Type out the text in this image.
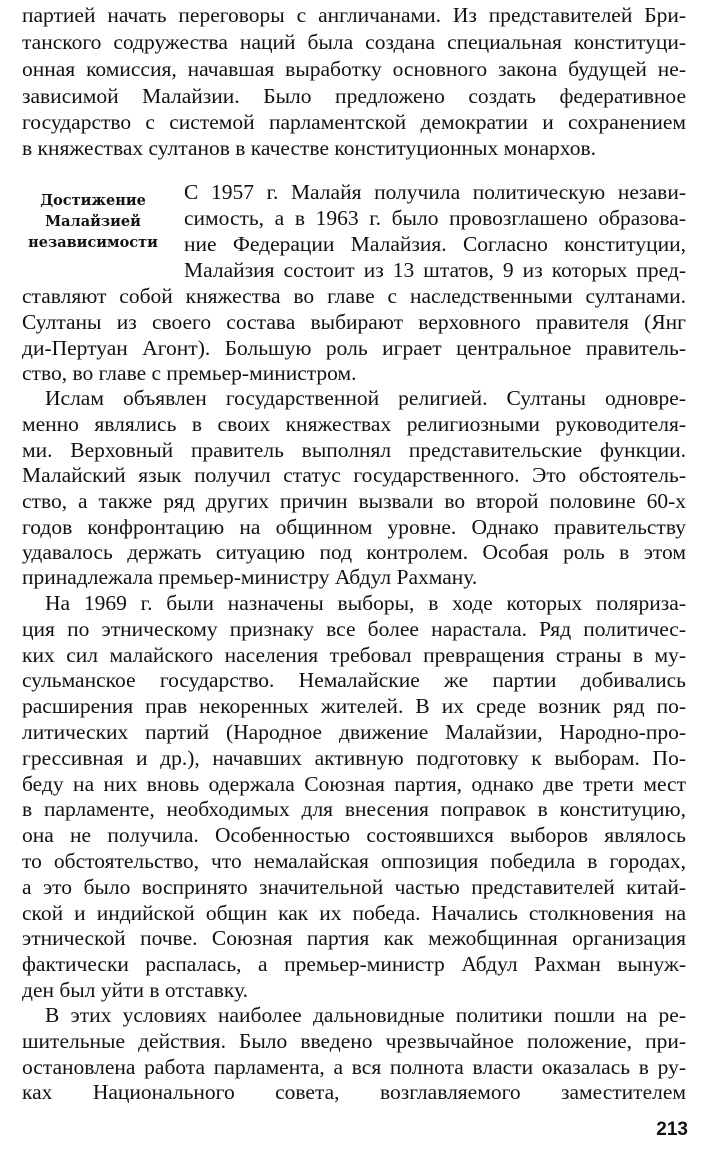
Достижение
Малайзией
независимости
партией начать переговоры с англичанами. Из представителей Бри-
танского содружества наций была создана специальная конституци-
онная комиссия, начавшая выработку основного закона будущей не-
зависимой Малайзии. Было предложено создать федеративное
государство с системой парламентской демократии и сохранением
в княжествах султанов в качестве конституционных монархов.
С 1957 г. Малайя получила политическую незави-
симость, а в 1963 г. было провозглашено образова-
ние Федерации Малайзия. Согласно конституции,
Малайзия состоит из 13 штатов, 9 из которых пред-
ставляют собой княжества во главе с наследственными султанами.
Султаны из своего состава выбирают верховного правителя (Янг
ди-Пертуан Агонт). Большую роль играет центральное правитель-
ство, во главе с премьер-министром.
Ислам объявлен государственной религией. Султаны одновре-
менно являлись в своих княжествах религиозными руководителя-
ми. Верховный правитель выполнял представительские функции.
Малайский язык получил статус государственного. Это обстоятель-
ство, а также ряд других причин вызвали во второй половине 60-х
годов конфронтацию на общинном уровне. Однако правительству
удавалось держать ситуацию под контролем. Особая роль в этом
принадлежала премьер-министру Абдул Рахману.
На 1969 г. были назначены выборы, в ходе которых поляриза-
ция по этническому признаку все более нарастала. Ряд политичес-
ких сил малайского населения требовал превращения страны в му-
сульманское государство. Немалайские же партии добивались
расширения прав некоренных жителей. В их среде возник ряд по-
литических партий (Народное движение Малайзии, Народно-про-
грессивная и др.), начавших активную подготовку к выборам. По-
беду на них вновь одержала Союзная партия, однако две трети мест
в парламенте, необходимых для внесения поправок в конституцию,
она не получила. Особенностью состоявшихся выборов являлось
то обстоятельство, что немалайская оппозиция победила в городах,
а это было воспринято значительной частью представителей китай-
ской и индийской общин как их победа. Начались столкновения на
этнической почве. Союзная партия как межобщинная организация
фактически распалась, а премьер-министр Абдул Рахман вынуж-
ден был уйти в отставку.
В этих условиях наиболее дальновидные политики пошли на ре-
шительные действия. Было введено чрезвычайное положение, при-
остановлена работа парламента, а вся полнота власти оказалась в ру-
ках Национального совета, возглавляемого заместителем
213
